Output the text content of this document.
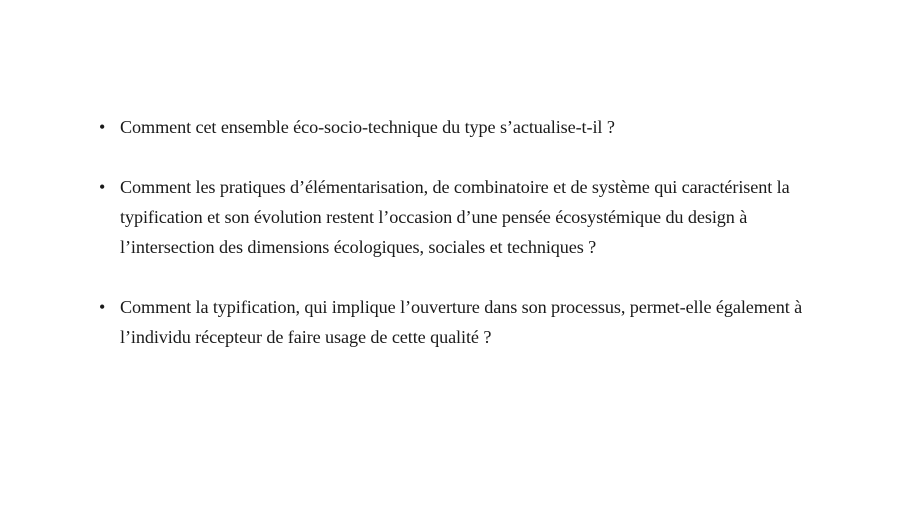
• Comment cet ensemble éco-socio-technique du type s’actualise-t-il ?
• Comment les pratiques d’élémentarisation, de combinatoire et de système qui caractérisent la typification et son évolution restent l’occasion d’une pensée écosystémique du design à l’intersection des dimensions écologiques, sociales et techniques ?
• Comment la typification, qui implique l’ouverture dans son processus, permet-elle également à l’individu récepteur de faire usage de cette qualité ?
